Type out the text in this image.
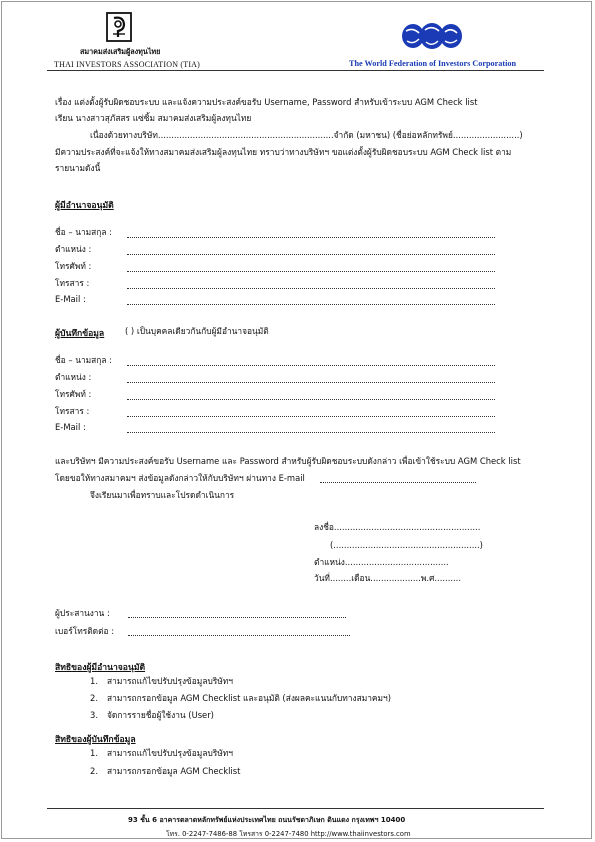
สมาคมส่งเสริมผู้ลงทุนไทย
THAI INVESTORS ASSOCIATION (TIA)	The World Federation of Investors Corporation
เรื่อง แต่งตั้งผู้รับผิดชอบระบบ และแจ้งความประสงค์ขอรับ Username, Password สำหรับเข้าระบบ AGM Check list
เรียน นางสาวสุภัสสร แซ่ซิ้ม สมาคมส่งเสริมผู้ลงทุนไทย
เนื่องด้วยทางบริษัท..................................................................จำกัด (มหาชน) (ชื่อย่อหลักทรัพย์.........................)
มีความประสงค์ที่จะแจ้งให้ทางสมาคมส่งเสริมผู้ลงทุนไทย ทราบว่าทางบริษัทฯ ขอแต่งตั้งผู้รับผิดชอบระบบ AGM Check list ตาม
รายนามดังนี้
ผู้มีอำนาจอนุมัติ
ชื่อ – นามสกุล :
ตำแหน่ง :
โทรศัพท์ :
โทรสาร :
E-Mail :
ผู้บันทึกข้อมูล ( ) เป็นบุคคลเดียวกันกับผู้มีอำนาจอนุมัติ
ชื่อ – นามสกุล :
ตำแหน่ง :
โทรศัพท์ :
โทรสาร :
E-Mail :
และบริษัทฯ มีความประสงค์ขอรับ Username และ Password สำหรับผู้รับผิดชอบระบบดังกล่าว เพื่อเข้าใช้ระบบ AGM Check list
โดยขอให้ทางสมาคมฯ ส่งข้อมูลดังกล่าวให้กับบริษัทฯ ผ่านทาง E-mail
จึงเรียนมาเพื่อทราบและโปรดดำเนินการ
ลงชื่อ.......................................................
(.......................................................)
ตำแหน่ง.......................................
วันที่........เดือน...................พ.ศ..........
ผู้ประสานงาน :
เบอร์โทรติดต่อ :
สิทธิของผู้มีอำนาจอนุมัติ
1. สามารถแก้ไขปรับปรุงข้อมูลบริษัทฯ
2. สามารถกรอกข้อมูล AGM Checklist และอนุมัติ (ส่งผลคะแนนกับทางสมาคมฯ)
3. จัดการรายชื่อผู้ใช้งาน (User)
สิทธิของผู้บันทึกข้อมูล
1. สามารถแก้ไขปรับปรุงข้อมูลบริษัทฯ
2. สามารถกรอกข้อมูล AGM Checklist
93 ชั้น 6 อาคารตลาดหลักทรัพย์แห่งประเทศไทย ถนนรัชดาภิเษก ดินแดง กรุงเทพฯ 10400
โทร. 0-2247-7486-88 โทรสาร 0-2247-7480 http://www.thaiinvestors.com
